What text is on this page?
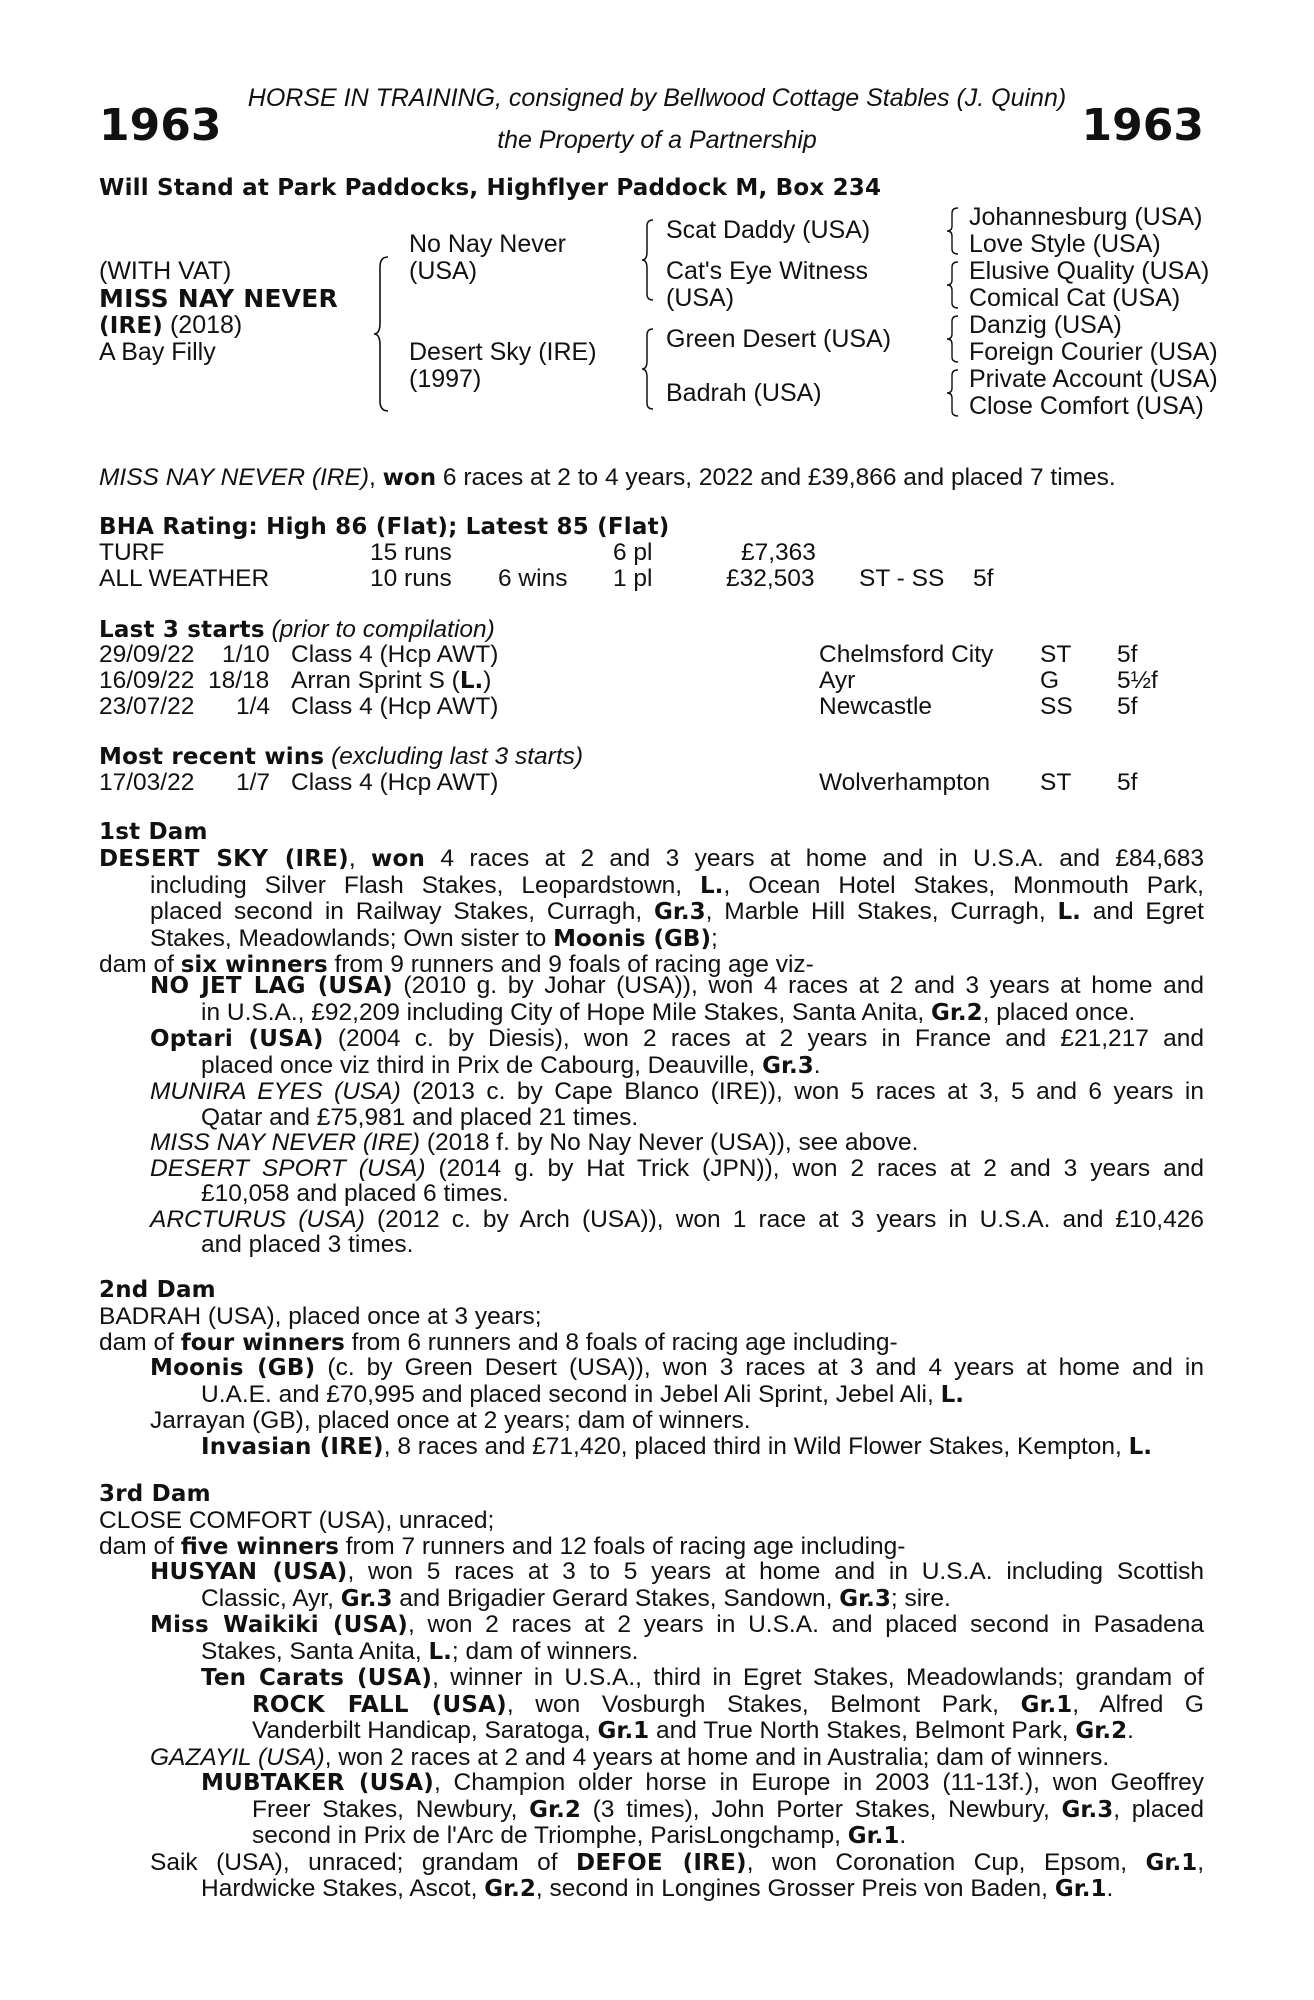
HORSE IN TRAINING, consigned by Bellwood Cottage Stables (J. Quinn)
1963	the Property of a Partnership	1963
Will Stand at Park Paddocks, Highflyer Paddock M, Box 234
(WITH VAT)
MISS NAY NEVER
(IRE) (2018)
A Bay Filly
No Nay Never
(USA)
Desert Sky (IRE)
(1997)
Scat Daddy (USA)
Cat's Eye Witness
(USA)
Green Desert (USA)
Badrah (USA)
Johannesburg (USA)
Love Style (USA)
Elusive Quality (USA)
Comical Cat (USA)
Danzig (USA)
Foreign Courier (USA)
Private Account (USA)
Close Comfort (USA)
MISS NAY NEVER (IRE), won 6 races at 2 to 4 years, 2022 and £39,866 and placed 7 times.
BHA Rating: High 86 (Flat); Latest 85 (Flat)
TURF	15 runs	6 pl	£7,363
ALL WEATHER	10 runs 6 wins 1 pl	£32,503 ST - SS 5f
Last 3 starts (prior to compilation)
29/09/22 1/10 Class 4 (Hcp AWT)	Chelmsford City ST 5f
16/09/22 18/18 Arran Sprint S (L.)	Ayr	G 5½f
23/07/22 1/4 Class 4 (Hcp AWT)	Newcastle	SS 5f
Most recent wins (excluding last 3 starts)
17/03/22 1/7 Class 4 (Hcp AWT)	Wolverhampton ST 5f
1st Dam
DESERT SKY (IRE), won 4 races at 2 and 3 years at home and in U.S.A. and £84,683
including Silver Flash Stakes, Leopardstown, L., Ocean Hotel Stakes, Monmouth Park,
placed second in Railway Stakes, Curragh, Gr.3, Marble Hill Stakes, Curragh, L. and Egret
Stakes, Meadowlands; Own sister to Moonis (GB);
dam of six winners from 9 runners and 9 foals of racing age viz-
NO JET LAG (USA) (2010 g. by Johar (USA)), won 4 races at 2 and 3 years at home and
in U.S.A., £92,209 including City of Hope Mile Stakes, Santa Anita, Gr.2, placed once.
Optari (USA) (2004 c. by Diesis), won 2 races at 2 years in France and £21,217 and
placed once viz third in Prix de Cabourg, Deauville, Gr.3.
MUNIRA EYES (USA) (2013 c. by Cape Blanco (IRE)), won 5 races at 3, 5 and 6 years in
Qatar and £75,981 and placed 21 times.
MISS NAY NEVER (IRE) (2018 f. by No Nay Never (USA)), see above.
DESERT SPORT (USA) (2014 g. by Hat Trick (JPN)), won 2 races at 2 and 3 years and
£10,058 and placed 6 times.
ARCTURUS (USA) (2012 c. by Arch (USA)), won 1 race at 3 years in U.S.A. and £10,426
and placed 3 times.
2nd Dam
BADRAH (USA), placed once at 3 years;
dam of four winners from 6 runners and 8 foals of racing age including-
Moonis (GB) (c. by Green Desert (USA)), won 3 races at 3 and 4 years at home and in
U.A.E. and £70,995 and placed second in Jebel Ali Sprint, Jebel Ali, L.
Jarrayan (GB), placed once at 2 years; dam of winners.
Invasian (IRE), 8 races and £71,420, placed third in Wild Flower Stakes, Kempton, L.
3rd Dam
CLOSE COMFORT (USA), unraced;
dam of five winners from 7 runners and 12 foals of racing age including-
HUSYAN (USA), won 5 races at 3 to 5 years at home and in U.S.A. including Scottish
Classic, Ayr, Gr.3 and Brigadier Gerard Stakes, Sandown, Gr.3; sire.
Miss Waikiki (USA), won 2 races at 2 years in U.S.A. and placed second in Pasadena
Stakes, Santa Anita, L.; dam of winners.
Ten Carats (USA), winner in U.S.A., third in Egret Stakes, Meadowlands; grandam of
ROCK FALL (USA), won Vosburgh Stakes, Belmont Park, Gr.1, Alfred G
Vanderbilt Handicap, Saratoga, Gr.1 and True North Stakes, Belmont Park, Gr.2.
GAZAYIL (USA), won 2 races at 2 and 4 years at home and in Australia; dam of winners.
MUBTAKER (USA), Champion older horse in Europe in 2003 (11-13f.), won Geoffrey
Freer Stakes, Newbury, Gr.2 (3 times), John Porter Stakes, Newbury, Gr.3, placed
second in Prix de l'Arc de Triomphe, ParisLongchamp, Gr.1.
Saik (USA), unraced; grandam of DEFOE (IRE), won Coronation Cup, Epsom, Gr.1,
Hardwicke Stakes, Ascot, Gr.2, second in Longines Grosser Preis von Baden, Gr.1.
